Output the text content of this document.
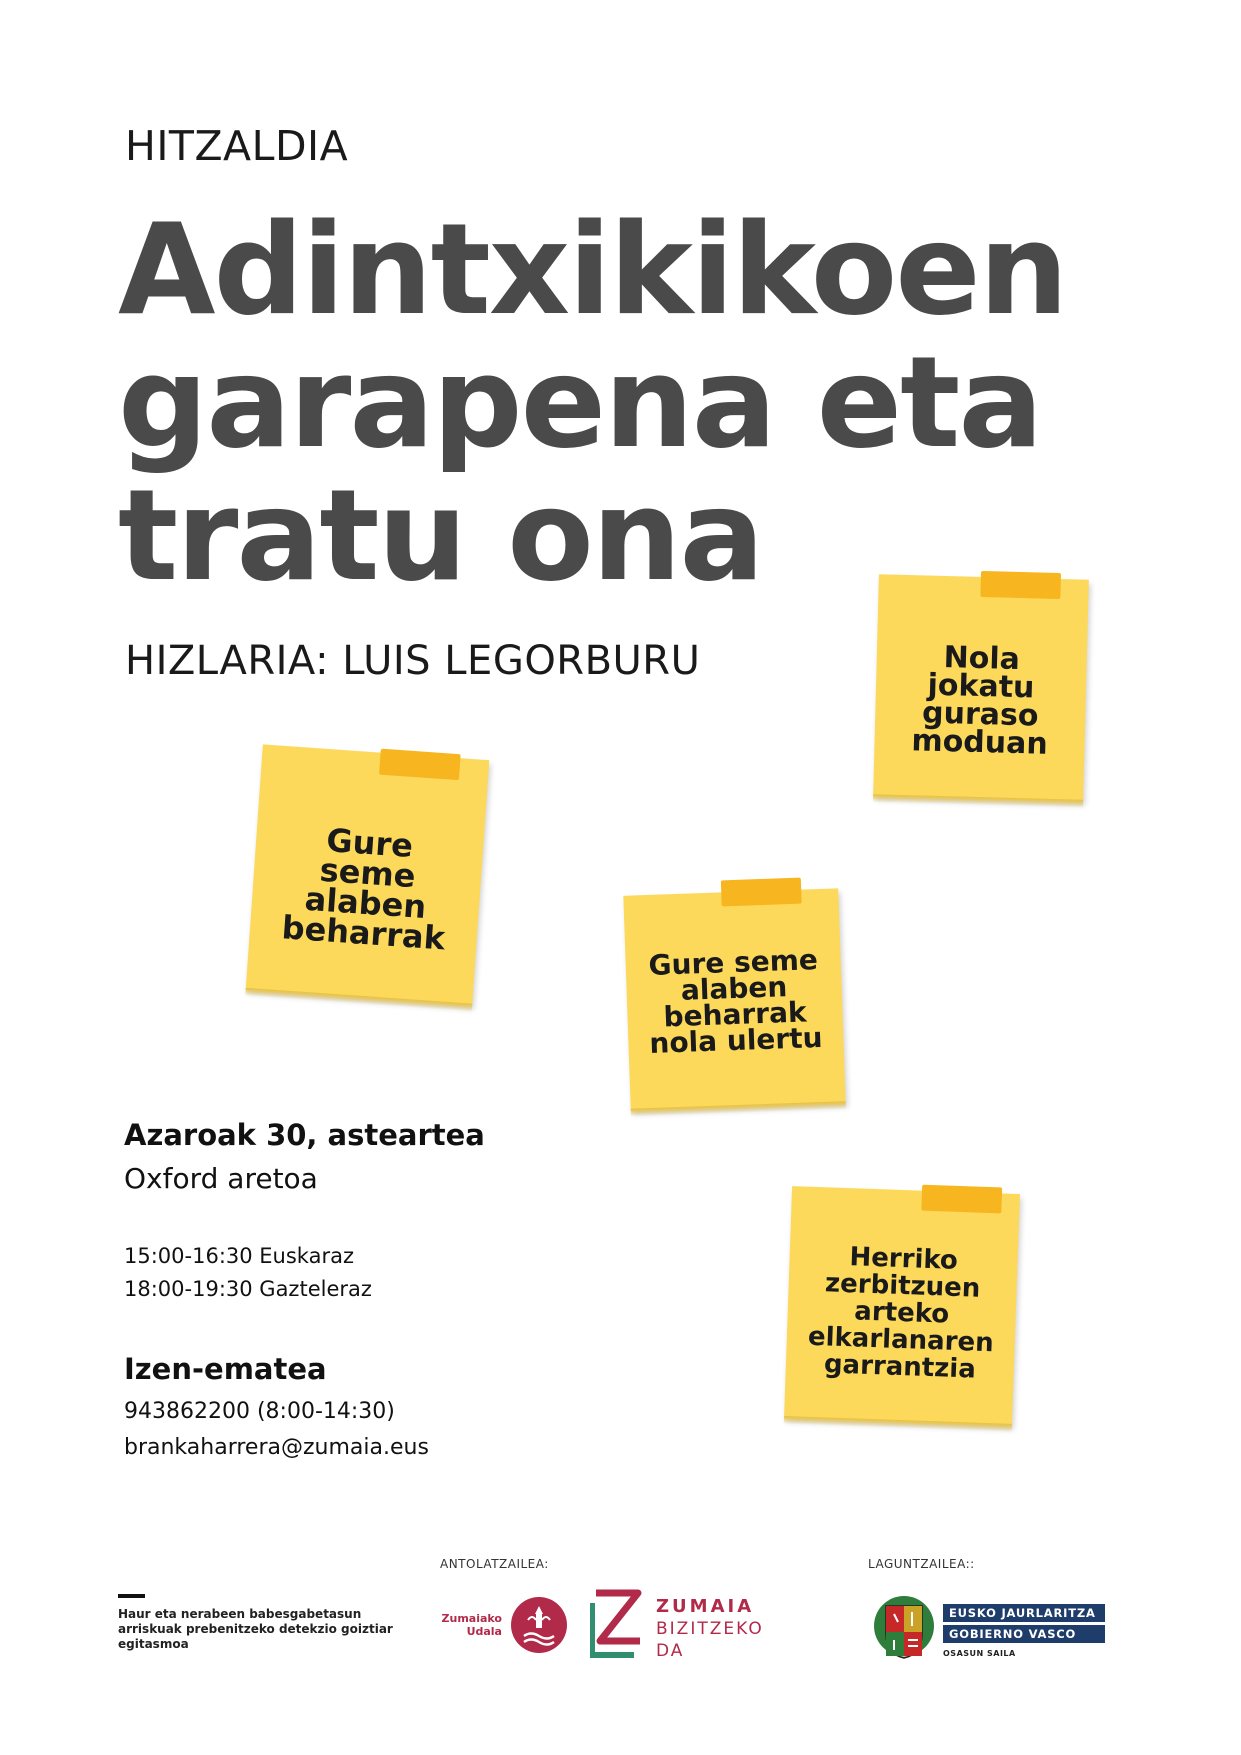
HITZALDIA
Adintxikikoen
garapena eta
tratu ona
HIZLARIA: LUIS LEGORBURU	Nola
jokatu
guraso
moduan
Gure
seme
alaben
beharrak
Gure seme
alaben
beharrak
nola ulertu
Herriko
zerbitzuen
arteko
elkarlanaren
garrantzia
Azaroak 30, asteartea
Oxford aretoa
15:00-16:30 Euskaraz
18:00-19:30 Gazteleraz
Izen-ematea
943862200 (8:00-14:30)
brankaharrera@zumaia.eus
Haur eta nerabeen babesgabetasun arriskuak prebenitzeko detekzio goiztiar egitasmoa
ANTOLATZAILEA:
Zumaiako
Udala
ZUMAIA
BIZITZEKO
DA
LAGUNTZAILEA::
EUSKO JAURLARITZA
GOBIERNO VASCO
OSASUN SAILA
